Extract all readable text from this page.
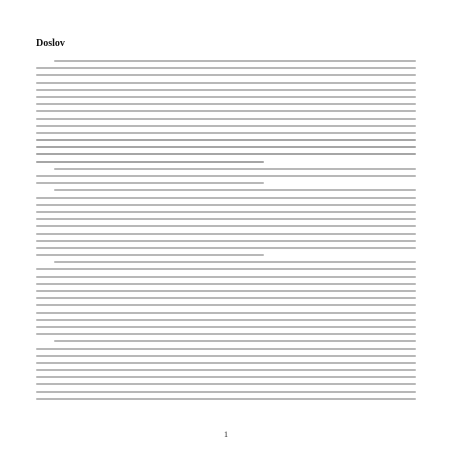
Doslov
1
